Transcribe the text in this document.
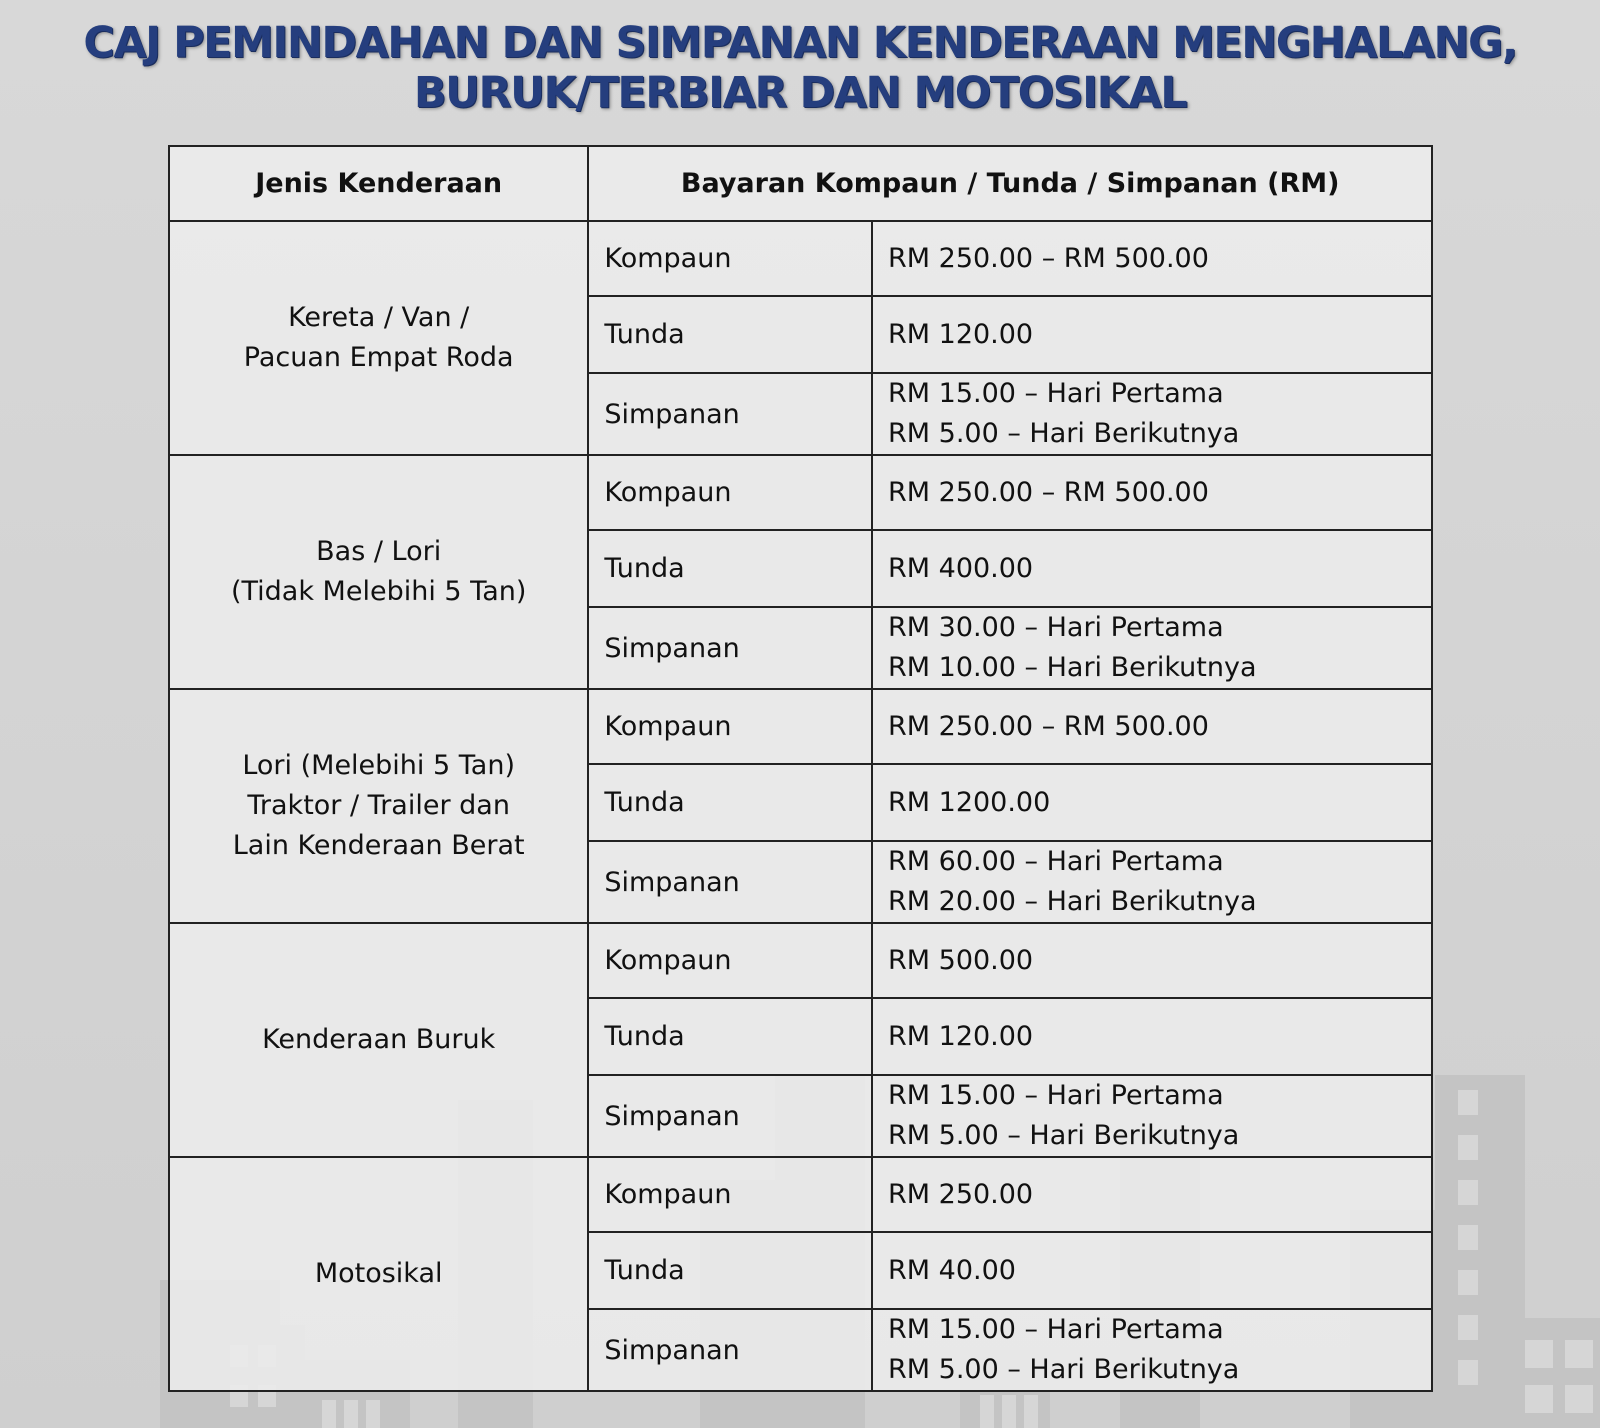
CAJ PEMINDAHAN DAN SIMPANAN KENDERAAN MENGHALANG,
BURUK/TERBIAR DAN MOTOSIKAL
Jenis Kenderaan	Bayaran Kompaun / Tunda / Simpanan (RM)	

Kereta / Van /
Pacuan Empat Roda	Kompaun	RM 250.00 – RM 500.00

	Tunda	RM 120.00

	Simpanan	RM 15.00 – Hari Pertama
RM 5.00 – Hari Berikutnya

Bas / Lori
(Tidak Melebihi 5 Tan)	Kompaun	RM 250.00 – RM 500.00

	Tunda	RM 400.00

	Simpanan	RM 30.00 – Hari Pertama
RM 10.00 – Hari Berikutnya

Lori (Melebihi 5 Tan)
Traktor / Trailer dan
Lain Kenderaan Berat	Kompaun	RM 250.00 – RM 500.00

	Tunda	RM 1200.00

	Simpanan	RM 60.00 – Hari Pertama
RM 20.00 – Hari Berikutnya

Kenderaan Buruk	Kompaun	RM 500.00

	Tunda	RM 120.00

	Simpanan	RM 15.00 – Hari Pertama
RM 5.00 – Hari Berikutnya

Motosikal	Kompaun	RM 250.00

	Tunda	RM 40.00

	Simpanan	RM 15.00 – Hari Pertama
RM 5.00 – Hari Berikutnya
